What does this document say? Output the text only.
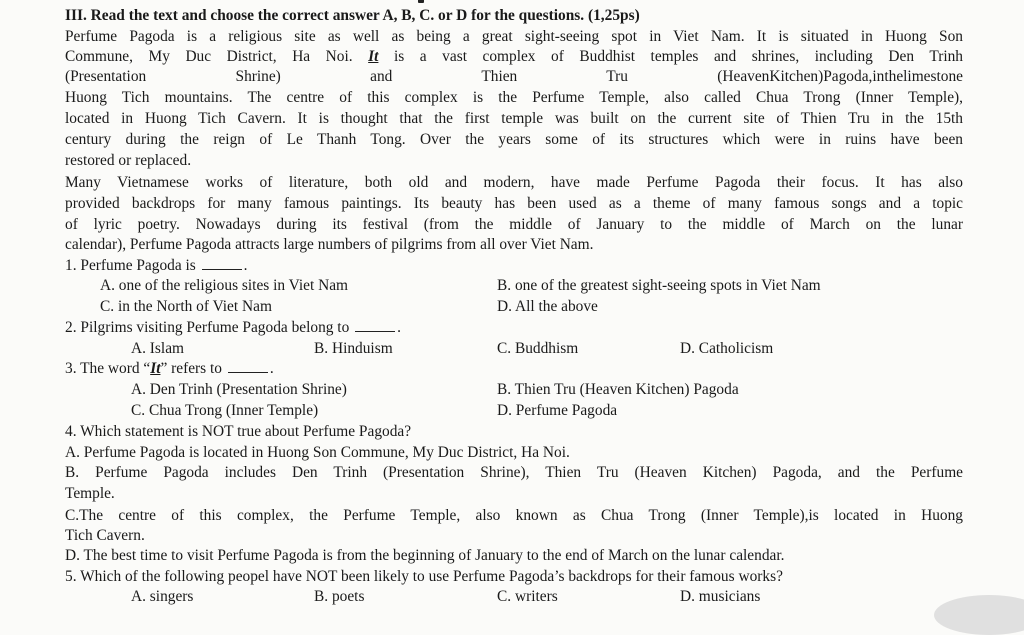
III. Read the text and choose the correct answer A, B, C. or D for the questions. (1,25ps)
Perfume Pagoda is a religious site as well as being a great sight-seeing spot in Viet Nam. It is situated in Huong Son
Commune, My Duc District, Ha Noi. It is a vast complex of Buddhist temples and shrines, including Den Trinh
(Presentation Shrine) and Thien Tru (HeavenKitchen)Pagoda,inthelimestone
Huong Tich mountains. The centre of this complex is the Perfume Temple, also called Chua Trong (Inner Temple),
located in Huong Tich Cavern. It is thought that the first temple was built on the current site of Thien Tru in the 15th
century during the reign of Le Thanh Tong. Over the years some of its structures which were in ruins have been
restored or replaced.
Many Vietnamese works of literature, both old and modern, have made Perfume Pagoda their focus. It has also
provided backdrops for many famous paintings. Its beauty has been used as a theme of many famous songs and a topic
of lyric poetry. Nowadays during its festival (from the middle of January to the middle of March on the lunar
calendar), Perfume Pagoda attracts large numbers of pilgrims from all over Viet Nam.
1. Perfume Pagoda is	.
A. one of the religious sites in Viet Nam	B. one of the greatest sight-seeing spots in Viet Nam
C. in the North of Viet Nam	D. All the above
2. Pilgrims visiting Perfume Pagoda belong to	.
A. Islam	B. Hinduism	C. Buddhism	D. Catholicism
3. The word “It” refers to	.
A. Den Trinh (Presentation Shrine)	B. Thien Tru (Heaven Kitchen) Pagoda
C. Chua Trong (Inner Temple)	D. Perfume Pagoda
4. Which statement is NOT true about Perfume Pagoda?
A. Perfume Pagoda is located in Huong Son Commune, My Duc District, Ha Noi.
B. Perfume Pagoda includes Den Trinh (Presentation Shrine), Thien Tru (Heaven Kitchen) Pagoda, and the Perfume
Temple.
C.The centre of this complex, the Perfume Temple, also known as Chua Trong (Inner Temple),is located in Huong
Tich Cavern.
D. The best time to visit Perfume Pagoda is from the beginning of January to the end of March on the lunar calendar.
5. Which of the following peopel have NOT been likely to use Perfume Pagoda’s backdrops for their famous works?
A. singers	B. poets	C. writers	D. musicians
